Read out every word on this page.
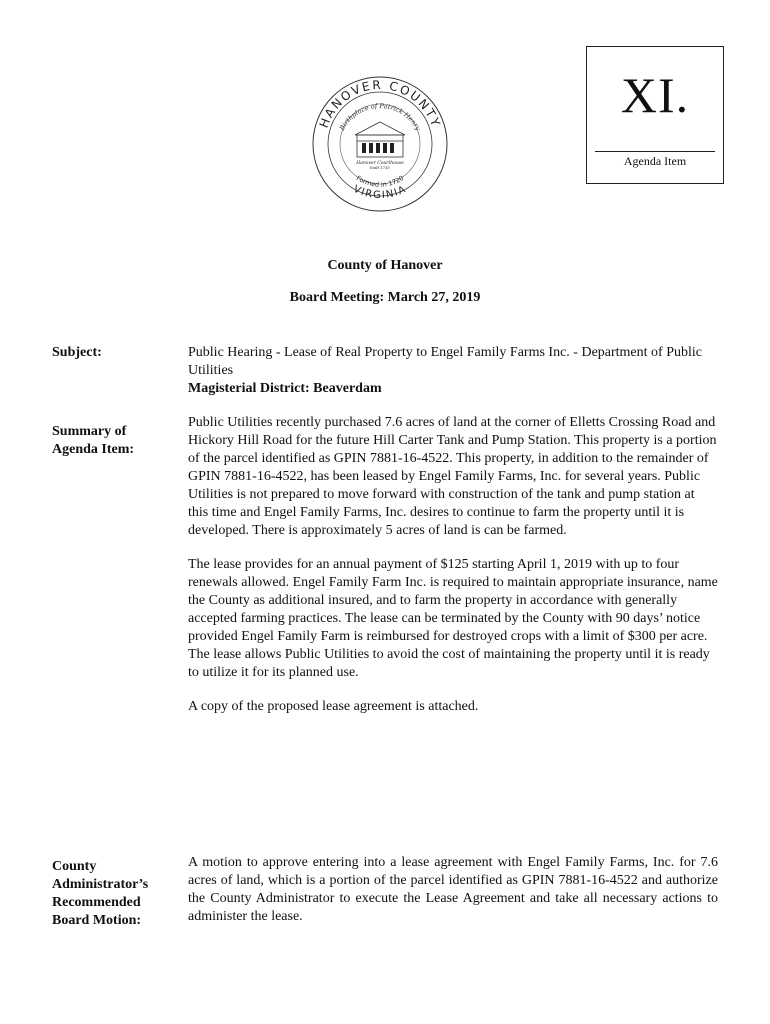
XI.
Agenda Item
HANOVER COUNTY
Birthplace of Patrick Henry
Hanover Courthouse
built 1735
Formed in 1720
VIRGINIA
County of Hanover
Board Meeting: March 27, 2019
Subject:	Public Hearing - Lease of Real Property to Engel Family Farms Inc. - Department of Public Utilities

Magisterial District: Beaverdam

Summary of
Agenda Item:

Public Utilities recently purchased 7.6 acres of land at the corner of Elletts Crossing Road and Hickory Hill Road for the future Hill Carter Tank and Pump Station. This property is a portion of the parcel identified as GPIN 7881-16-4522. This property, in addition to the remainder of GPIN 7881-16-4522, has been leased by Engel Family Farms, Inc. for several years. Public Utilities is not prepared to move forward with construction of the tank and pump station at this time and Engel Family Farms, Inc. desires to continue to farm the property until it is developed. There is approximately 5 acres of land is can be farmed.

The lease provides for an annual payment of $125 starting April 1, 2019 with up to four renewals allowed. Engel Family Farm Inc. is required to maintain appropriate insurance, name the County as additional insured, and to farm the property in accordance with generally accepted farming practices. The lease can be terminated by the County with 90 days’ notice provided Engel Family Farm is reimbursed for destroyed crops with a limit of $300 per acre. The lease allows Public Utilities to avoid the cost of maintaining the property until it is ready to utilize it for its planned use.

A copy of the proposed lease agreement is attached.

County
Administrator’s
Recommended
Board Motion:

A motion to approve entering into a lease agreement with Engel Family Farms, Inc. for 7.6 acres of land, which is a portion of the parcel identified as GPIN 7881-16-4522 and authorize the County Administrator to execute the Lease Agreement and take all necessary actions to administer the lease.
